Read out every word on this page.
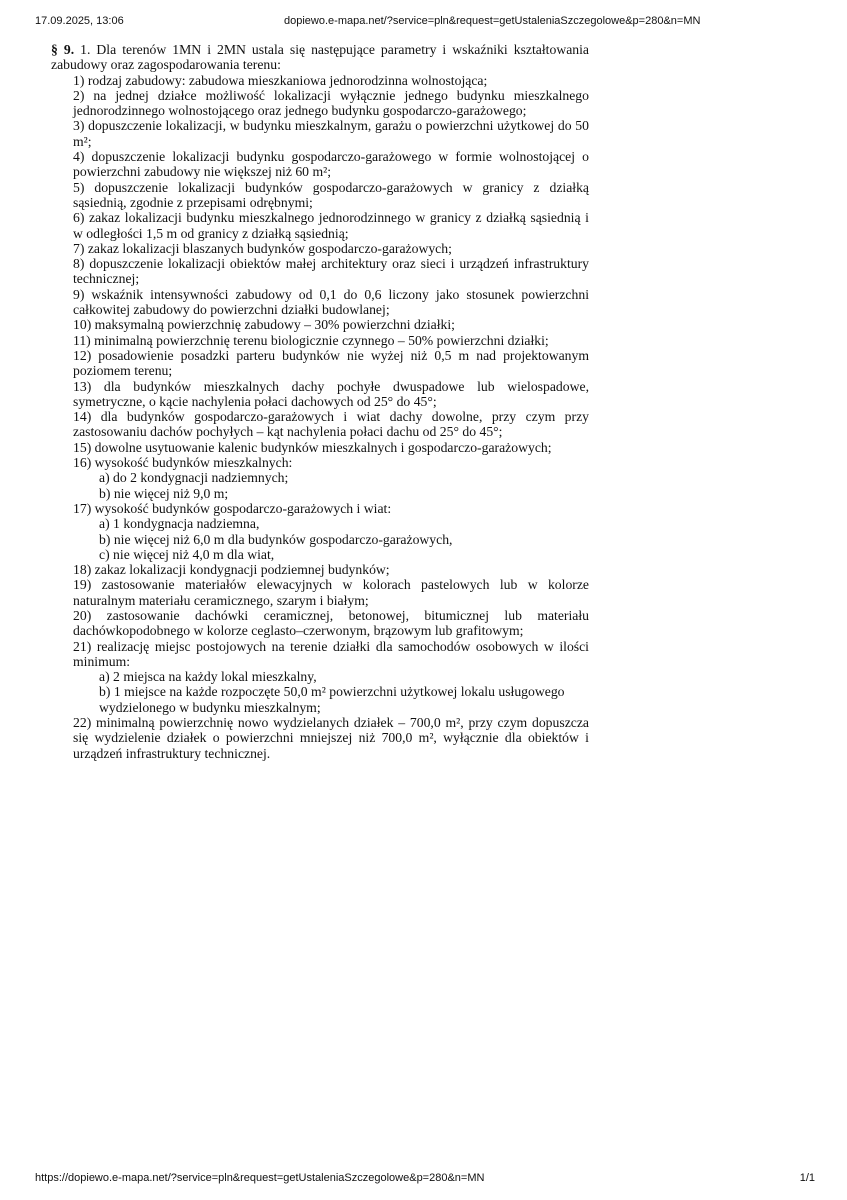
17.09.2025, 13:06	dopiewo.e-mapa.net/?service=pln&request=getUstaleniaSzczegolowe&p=280&n=MN

§ 9. 1. Dla terenów 1MN i 2MN ustala się następujące parametry i wskaźniki kształtowania zabudowy oraz zagospodarowania terenu:

1) rodzaj zabudowy: zabudowa mieszkaniowa jednorodzinna wolnostojąca;

2) na jednej działce możliwość lokalizacji wyłącznie jednego budynku mieszkalnego jednorodzinnego wolnostojącego oraz jednego budynku gospodarczo-garażowego;

3) dopuszczenie lokalizacji, w budynku mieszkalnym, garażu o powierzchni użytkowej do 50 m²;

4) dopuszczenie lokalizacji budynku gospodarczo-garażowego w formie wolnostojącej o powierzchni zabudowy nie większej niż 60 m²;

5) dopuszczenie lokalizacji budynków gospodarczo-garażowych w granicy z działką sąsiednią, zgodnie z przepisami odrębnymi;

6) zakaz lokalizacji budynku mieszkalnego jednorodzinnego w granicy z działką sąsiednią i w odległości 1,5 m od granicy z działką sąsiednią;

7) zakaz lokalizacji blaszanych budynków gospodarczo-garażowych;

8) dopuszczenie lokalizacji obiektów małej architektury oraz sieci i urządzeń infrastruktury technicznej;

9) wskaźnik intensywności zabudowy od 0,1 do 0,6 liczony jako stosunek powierzchni całkowitej zabudowy do powierzchni działki budowlanej;

10) maksymalną powierzchnię zabudowy – 30% powierzchni działki;

11) minimalną powierzchnię terenu biologicznie czynnego – 50% powierzchni działki;

12) posadowienie posadzki parteru budynków nie wyżej niż 0,5 m nad projektowanym poziomem terenu;

13) dla budynków mieszkalnych dachy pochyłe dwuspadowe lub wielospadowe, symetryczne, o kącie nachylenia połaci dachowych od 25° do 45°;

14) dla budynków gospodarczo-garażowych i wiat dachy dowolne, przy czym przy zastosowaniu dachów pochyłych – kąt nachylenia połaci dachu od 25° do 45°;

15) dowolne usytuowanie kalenic budynków mieszkalnych i gospodarczo-garażowych;

16) wysokość budynków mieszkalnych:

a) do 2 kondygnacji nadziemnych;

b) nie więcej niż 9,0 m;

17) wysokość budynków gospodarczo-garażowych i wiat:

a) 1 kondygnacja nadziemna,

b) nie więcej niż 6,0 m dla budynków gospodarczo-garażowych,

c) nie więcej niż 4,0 m dla wiat,

18) zakaz lokalizacji kondygnacji podziemnej budynków;

19) zastosowanie materiałów elewacyjnych w kolorach pastelowych lub w kolorze naturalnym materiału ceramicznego, szarym i białym;

20) zastosowanie dachówki ceramicznej, betonowej, bitumicznej lub materiału dachówkopodobnego w kolorze ceglasto–czerwonym, brązowym lub grafitowym;

21) realizację miejsc postojowych na terenie działki dla samochodów osobowych w ilości minimum:

a) 2 miejsca na każdy lokal mieszkalny,

b) 1 miejsce na każde rozpoczęte 50,0 m² powierzchni użytkowej lokalu usługowego wydzielonego w budynku mieszkalnym;

22) minimalną powierzchnię nowo wydzielanych działek – 700,0 m², przy czym dopuszcza się wydzielenie działek o powierzchni mniejszej niż 700,0 m², wyłącznie dla obiektów i urządzeń infrastruktury technicznej.

https://dopiewo.e-mapa.net/?service=pln&request=getUstaleniaSzczegolowe&p=280&n=MN	1/1
